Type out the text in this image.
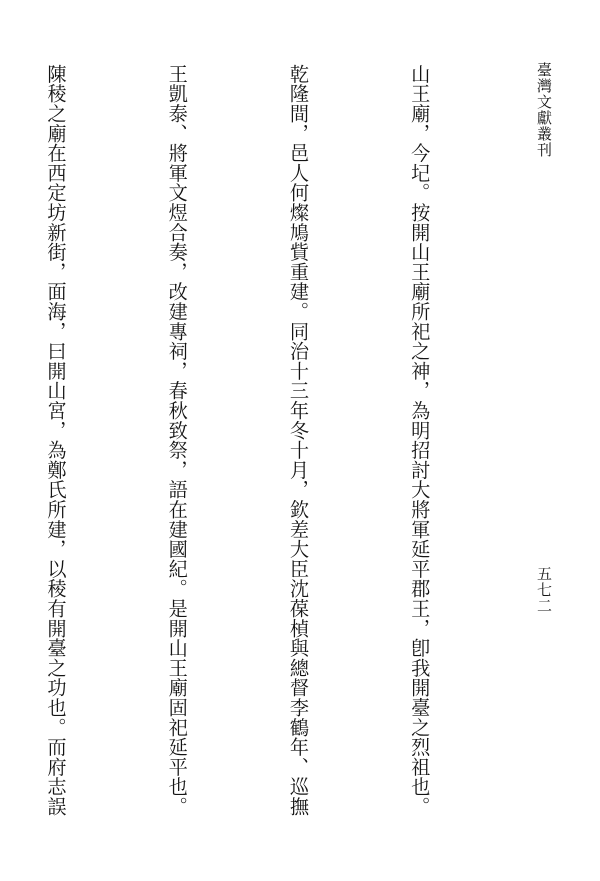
臺灣文獻叢刊
五七二

山王廟，今圮。按開山王廟所祀之神，為明招討大將軍延平郡王，卽我開臺之烈祖也。

乾隆間，邑人何燦鳩貲重建。同治十三年冬十月，欽差大臣沈葆楨與總督李鶴年、巡撫

王凱泰、將軍文煜合奏，改建專祠，春秋致祭，語在建國紀。是開山王廟固祀延平也。

陳稜之廟在西定坊新街，面海，曰開山宮，為鄭氏所建，以稜有開臺之功也。而府志誤
